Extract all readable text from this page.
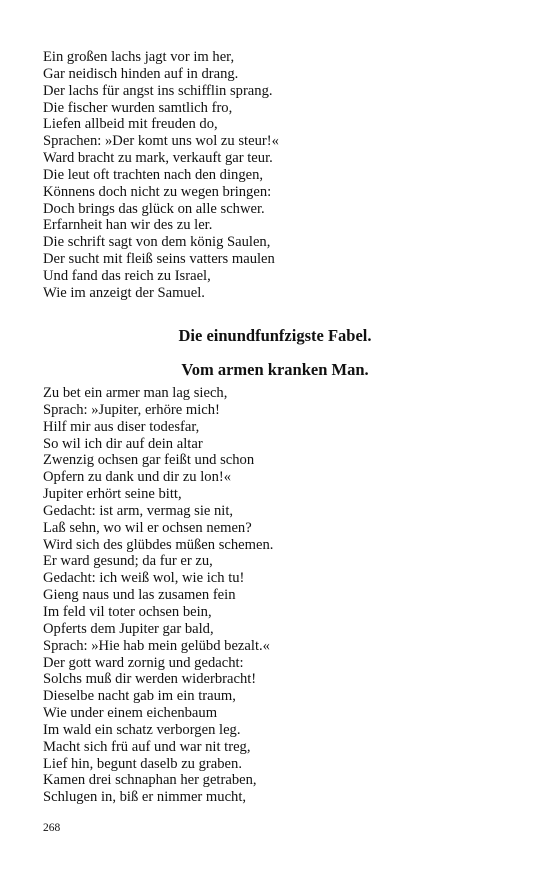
Ein großen lachs jagt vor im her,
Gar neidisch hinden auf in drang.
Der lachs für angst ins schifflin sprang.
Die fischer wurden samtlich fro,
Liefen allbeid mit freuden do,
Sprachen: »Der komt uns wol zu steur!«
Ward bracht zu mark, verkauft gar teur.
Die leut oft trachten nach den dingen,
Könnens doch nicht zu wegen bringen:
Doch brings das glück on alle schwer.
Erfarnheit han wir des zu ler.
Die schrift sagt von dem könig Saulen,
Der sucht mit fleiß seins vatters maulen
Und fand das reich zu Israel,
Wie im anzeigt der Samuel.
Die einundfunfzigste Fabel.
Vom armen kranken Man.
Zu bet ein armer man lag siech,
Sprach: »Jupiter, erhöre mich!
Hilf mir aus diser todesfar,
So wil ich dir auf dein altar
Zwenzig ochsen gar feißt und schon
Opfern zu dank und dir zu lon!«
Jupiter erhört seine bitt,
Gedacht: ist arm, vermag sie nit,
Laß sehn, wo wil er ochsen nemen?
Wird sich des glübdes müßen schemen.
Er ward gesund; da fur er zu,
Gedacht: ich weiß wol, wie ich tu!
Gieng naus und las zusamen fein
Im feld vil toter ochsen bein,
Opferts dem Jupiter gar bald,
Sprach: »Hie hab mein gelübd bezalt.«
Der gott ward zornig und gedacht:
Solchs muß dir werden widerbracht!
Dieselbe nacht gab im ein traum,
Wie under einem eichenbaum
Im wald ein schatz verborgen leg.
Macht sich frü auf und war nit treg,
Lief hin, begunt daselb zu graben.
Kamen drei schnaphan her getraben,
Schlugen in, biß er nimmer mucht,
268
